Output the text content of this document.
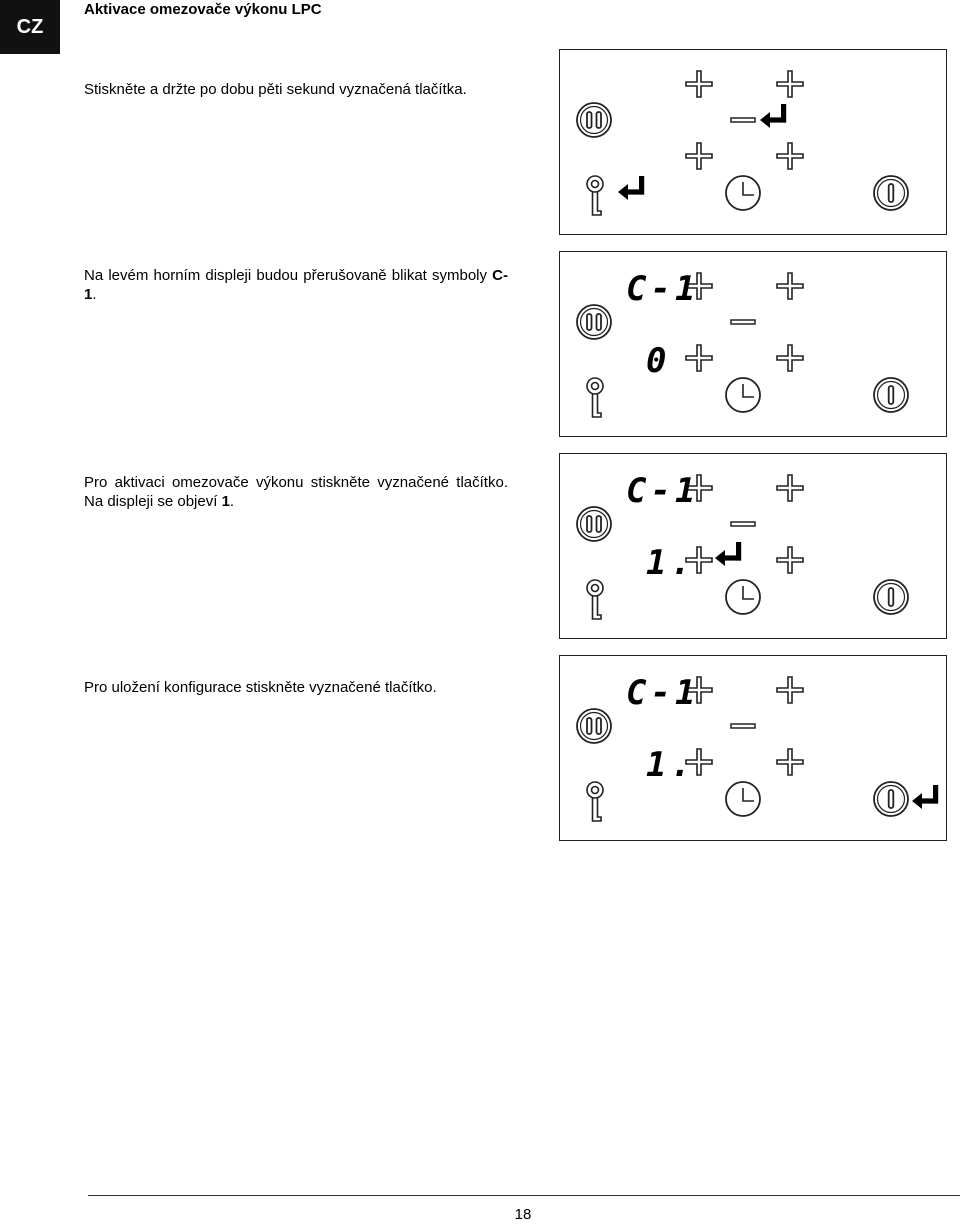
CZ
Aktivace omezovače výkonu LPC
Stiskněte a držte po dobu pěti sekund vyznačená tlačítka.
Na levém horním displeji budou přerušovaně blikat symboly C-1.	C-1
0
Pro aktivaci omezovače výkonu stiskněte vyznačené tlačítko. Na displeji se objeví 1.	C-1
1.
Pro uložení konfigurace stiskněte vyznačené tlačítko.	C-1
1.
18
